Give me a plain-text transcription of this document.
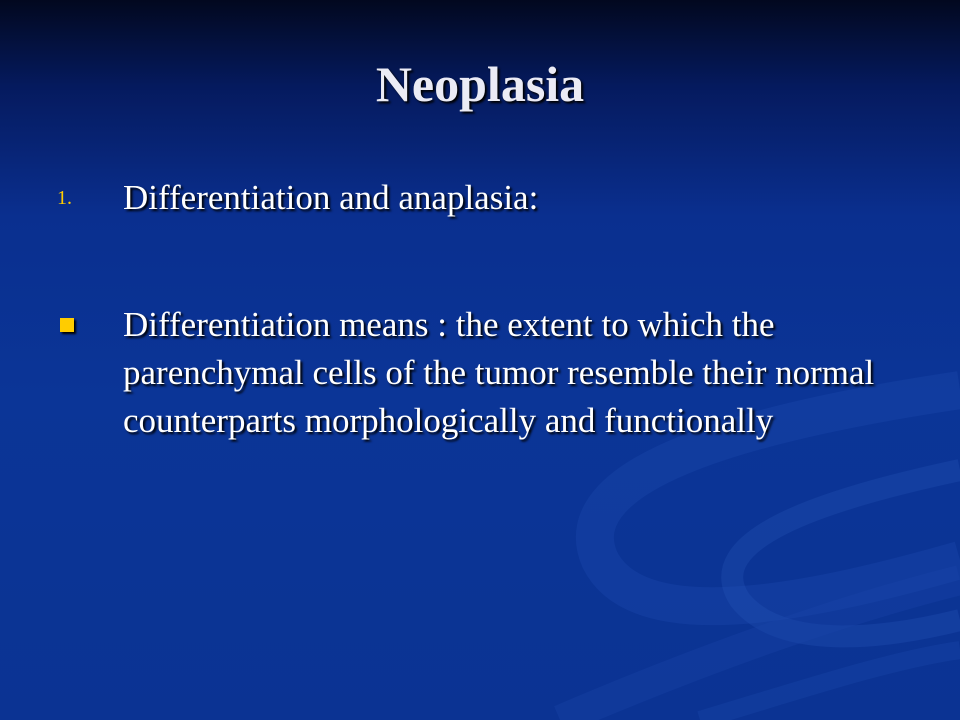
Neoplasia
1. Differentiation and anaplasia:

Differentiation means : the extent to which the parenchymal cells of the tumor resemble their normal counterparts morphologically and functionally
